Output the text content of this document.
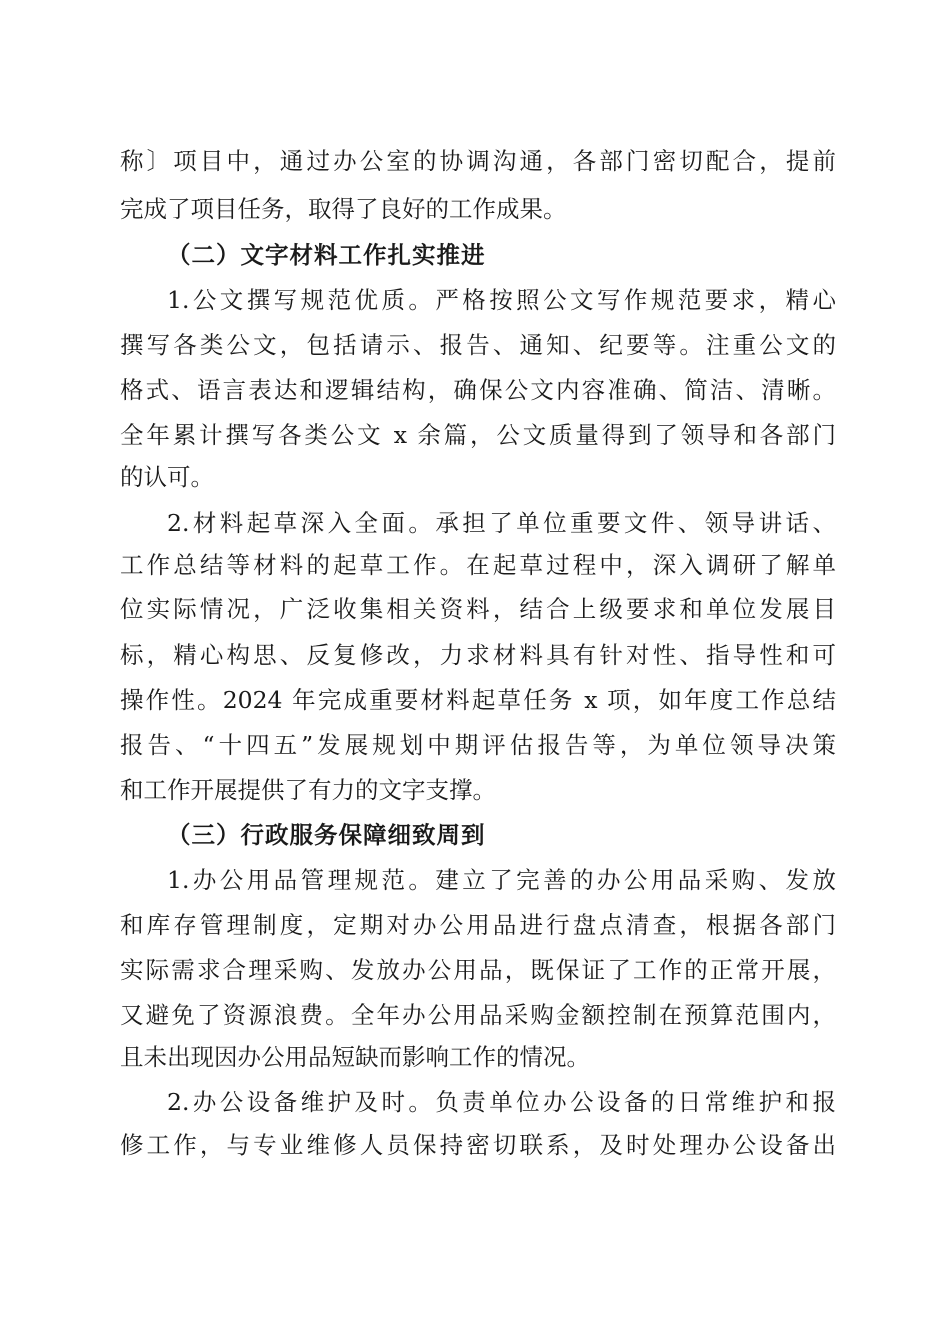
称〕项目中，通过办公室的协调沟通，各部门密切配合，提前
完成了项目任务，取得了良好的工作成果。
（二）文字材料工作扎实推进
1.公文撰写规范优质。严格按照公文写作规范要求，精心
撰写各类公文，包括请示、报告、通知、纪要等。注重公文的
格式、语言表达和逻辑结构，确保公文内容准确、简洁、清晰。
全年累计撰写各类公文 x 余篇，公文质量得到了领导和各部门
的认可。
2.材料起草深入全面。承担了单位重要文件、领导讲话、
工作总结等材料的起草工作。在起草过程中，深入调研了解单
位实际情况，广泛收集相关资料，结合上级要求和单位发展目
标，精心构思、反复修改，力求材料具有针对性、指导性和可
操作性。2024 年完成重要材料起草任务 x 项，如年度工作总结
报告、“十四五”发展规划中期评估报告等，为单位领导决策
和工作开展提供了有力的文字支撑。
（三）行政服务保障细致周到
1.办公用品管理规范。建立了完善的办公用品采购、发放
和库存管理制度，定期对办公用品进行盘点清查，根据各部门
实际需求合理采购、发放办公用品，既保证了工作的正常开展，
又避免了资源浪费。全年办公用品采购金额控制在预算范围内，
且未出现因办公用品短缺而影响工作的情况。
2.办公设备维护及时。负责单位办公设备的日常维护和报
修工作，与专业维修人员保持密切联系，及时处理办公设备出
